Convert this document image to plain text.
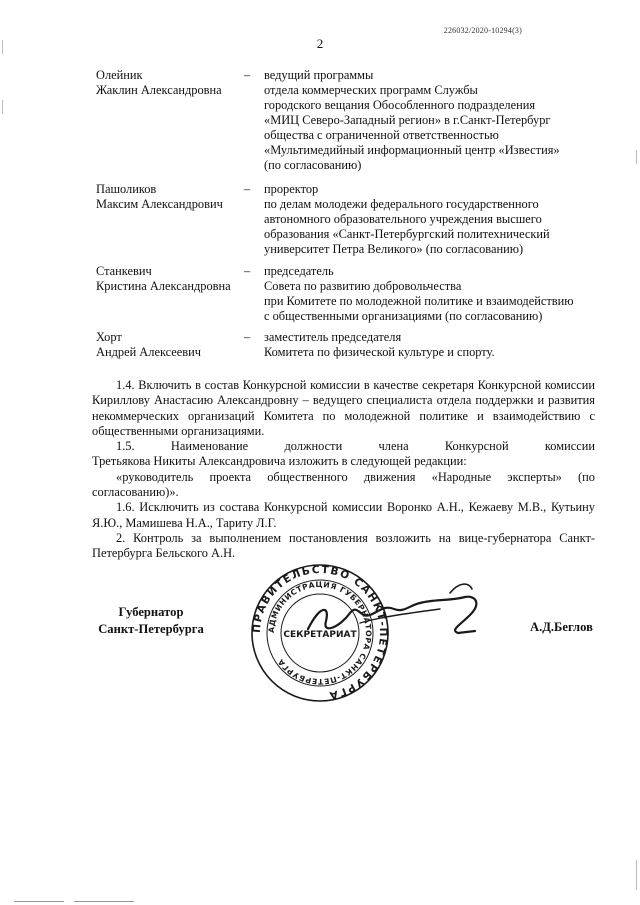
226032/2020-10294(3)
2
Олейник
Жаклин Александровна
– ведущий программы
отдела коммерческих программ Службы
городского вещания Обособленного подразделения
«МИЦ Северо-Западный регион» в г.Санкт-Петербург
общества с ограниченной ответственностью
«Мультимедийный информационный центр «Известия»
(по согласованию)
Пашоликов
Максим Александрович
– проректор
по делам молодежи федерального государственного
автономного образовательного учреждения высшего
образования «Санкт-Петербургский политехнический
университет Петра Великого» (по согласованию)
Станкевич
Кристина Александровна
– председатель
Совета по развитию добровольчества
при Комитете по молодежной политике и взаимодействию
с общественными организациями (по согласованию)
Хорт
Андрей Алексеевич
– заместитель председателя
Комитета по физической культуре и спорту.

1.4. Включить в состав Конкурсной комиссии в качестве секретаря Конкурсной комиссии Кириллову Анастасию Александровну – ведущего специалиста отдела поддержки и развития некоммерческих организаций Комитета по молодежной политике и взаимодействию с общественными организациями.

1.5. Наименование должности члена Конкурсной комиссии

Третьякова Никиты Александровича изложить в следующей редакции:

«руководитель проекта общественного движения «Народные эксперты» (по согласованию)».

1.6. Исключить из состава Конкурсной комиссии Воронко А.Н., Кежаеву М.В., Кутьину Я.Ю., Мамишева Н.А., Тариту Л.Г.

2. Контроль за выполнением постановления возложить на вице-губернатора Санкт-Петербурга Бельского А.Н.

Губернатор
Санкт-Петербурга	ПРАВИТЕЛЬСТВО САНКТ-ПЕТЕРБУРГА
АДМИНИСТРАЦИЯ ГУБЕРНАТОРА САНКТ-ПЕТЕРБУРГА
СЕКРЕТАРИАТ
А.Д.Беглов
